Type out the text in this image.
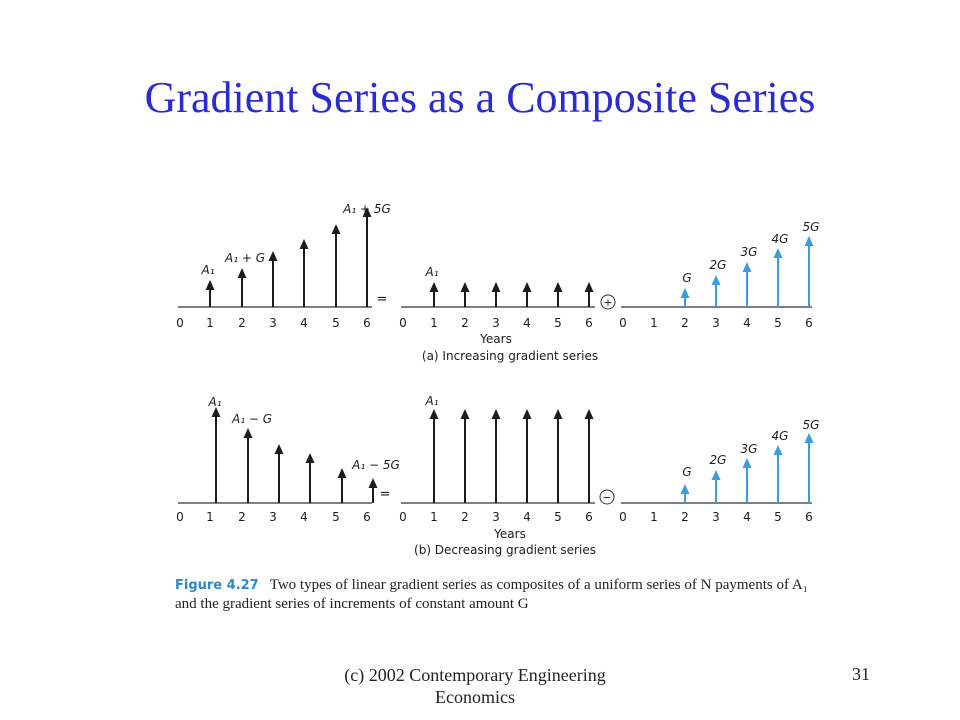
Gradient Series as a Composite Series
0 1 2 3 4 5 6 0 1 2 3 4 5 6 0 1 2 3 4 5 6
A₁
A₁ + G
A₁ + 5G
A₁
=	+
G
2G
3G
4G
5G
Years
(a) Increasing gradient series
0 1 2 3 4 5 6 0 1 2 3 4 5 6 0 1 2 3 4 5 6
A₁
A₁ − G
A₁ − 5G
A₁
=	−
G
2G
3G
4G
5G
Years
(b) Decreasing gradient series
Figure 4.27 Two types of linear gradient series as composites of a uniform series of N payments of A₁ and the gradient series of increments of constant amount G
(c) 2002 Contemporary Engineering Economics
31
